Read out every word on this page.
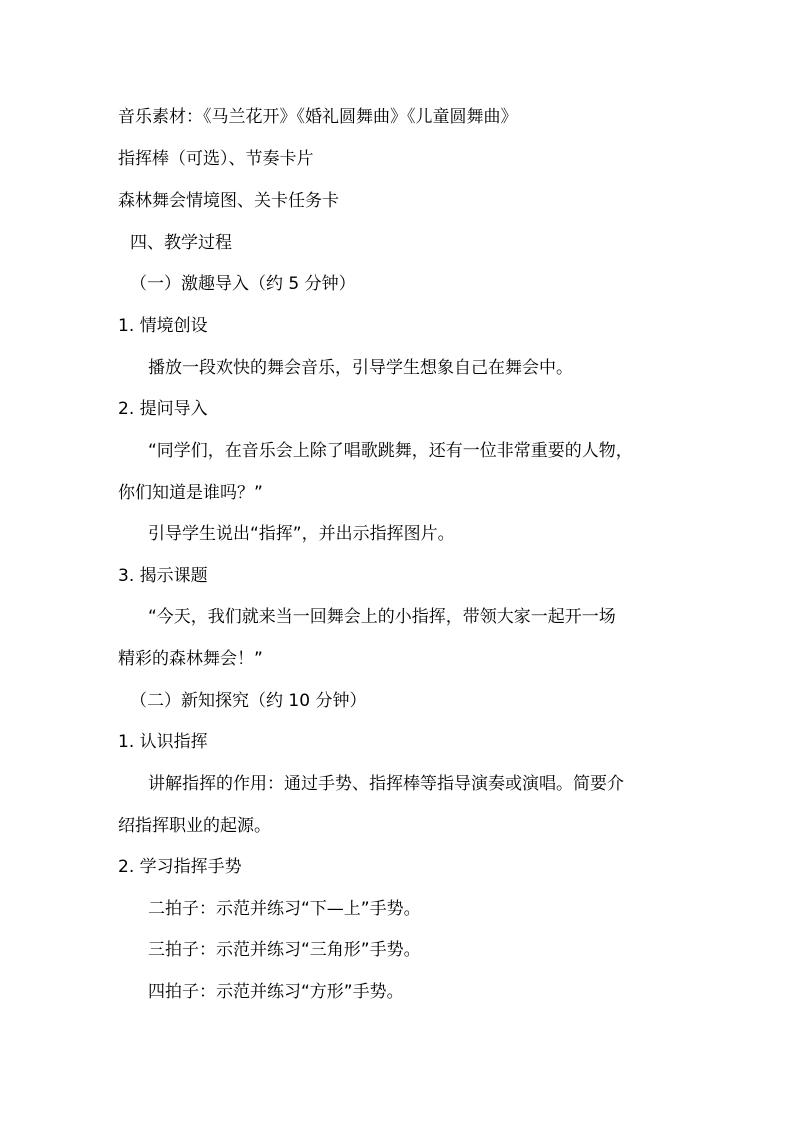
音乐素材：《马兰花开》《婚礼圆舞曲》《儿童圆舞曲》
指挥棒（可选）、节奏卡片
森林舞会情境图、关卡任务卡
四、教学过程
（一）激趣导入（约 5 分钟）
1. 情境创设
播放一段欢快的舞会音乐，引导学生想象自己在舞会中。
2. 提问导入
“同学们，在音乐会上除了唱歌跳舞，还有一位非常重要的人物，
你们知道是谁吗？”
引导学生说出“指挥”，并出示指挥图片。
3. 揭示课题
“今天，我们就来当一回舞会上的小指挥，带领大家一起开一场
精彩的森林舞会！”
（二）新知探究（约 10 分钟）
1. 认识指挥
讲解指挥的作用：通过手势、指挥棒等指导演奏或演唱。简要介
绍指挥职业的起源。
2. 学习指挥手势
二拍子：示范并练习“下—上”手势。
三拍子：示范并练习“三角形”手势。
四拍子：示范并练习“方形”手势。
